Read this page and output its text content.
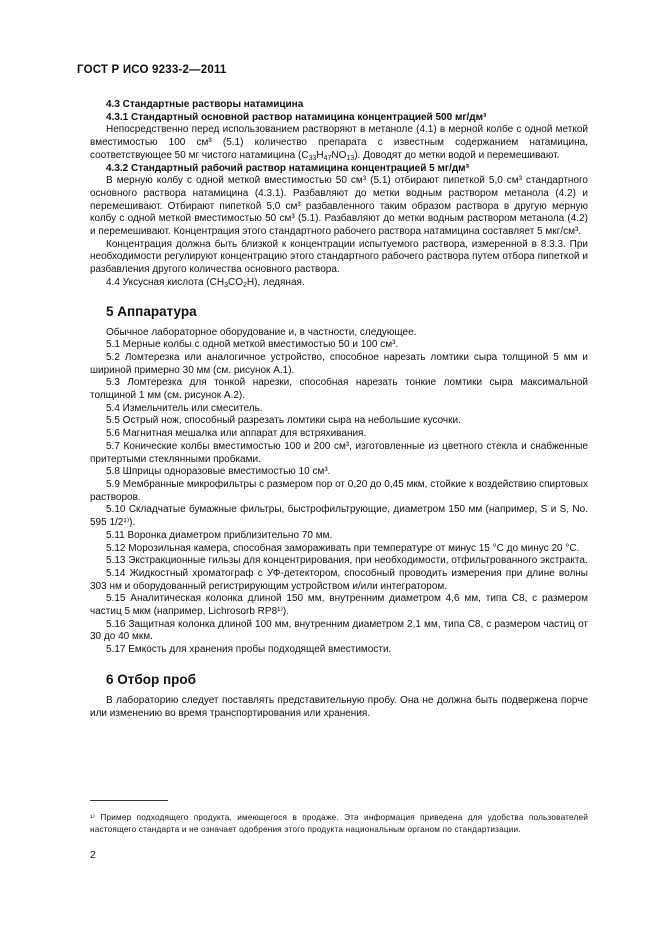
ГОСТ Р ИСО 9233-2—2011

4.3 Стандартные растворы натамицина

4.3.1 Стандартный основной раствор натамицина концентрацией 500 мг/дм³

Непосредственно перед использованием растворяют в метаноле (4.1) в мерной колбе с одной меткой вместимостью 100 см³ (5.1) количество препарата с известным содержанием натамицина, соответствующее 50 мг чистого натамицина $(C_{33}H_{47}NO_{13})$. Доводят до метки водой и перемешивают.

4.3.2 Стандартный рабочий раствор натамицина концентрацией 5 мг/дм³

В мерную колбу с одной меткой вместимостью 50 см³ (5.1) отбирают пипеткой 5,0 см³ стандартного основного раствора натамицина (4.3.1). Разбавляют до метки водным раствором метанола (4.2) и перемешивают. Отбирают пипеткой 5,0 см³ разбавленного таким образом раствора в другую мерную колбу с одной меткой вместимостью 50 см³ (5.1). Разбавляют до метки водным раствором метанола (4.2) и перемешивают. Концентрация этого стандартного рабочего раствора натамицина составляет 5 мкг/см³.

Концентрация должна быть близкой к концентрации испытуемого раствора, измеренной в 8.3.3. При необходимости регулируют концентрацию этого стандартного рабочего раствора путем отбора пипеткой и разбавления другого количества основного раствора.

4.4 Уксусная кислота $(CH_3CO_2H)$, ледяная.

5 Аппаратура

Обычное лабораторное оборудование и, в частности, следующее.

5.1 Мерные колбы с одной меткой вместимостью 50 и 100 см³.

5.2 Ломтерезка или аналогичное устройство, способное нарезать ломтики сыра толщиной 5 мм и шириной примерно 30 мм (см. рисунок А.1).

5.3 Ломтерезка для тонкой нарезки, способная нарезать тонкие ломтики сыра максимальной толщиной 1 мм (см. рисунок А.2).

5.4 Измельчитель или смеситель.

5.5 Острый нож, способный разрезать ломтики сыра на небольшие кусочки.

5.6 Магнитная мешалка или аппарат для встряхивания.

5.7 Конические колбы вместимостью 100 и 200 см³, изготовленные из цветного стекла и снабженные притертыми стеклянными пробками.

5.8 Шприцы одноразовые вместимостью 10 см³.

5.9 Мембранные микрофильтры с размером пор от 0,20 до 0,45 мкм, стойкие к воздействию спиртовых растворов.

5.10 Складчатые бумажные фильтры, быстрофильтрующие, диаметром 150 мм (например, S и S, No. 595 1/2¹⁾).

5.11 Воронка диаметром приблизительно 70 мм.

5.12 Морозильная камера, способная замораживать при температуре от минус 15 °С до минус 20 °С.

5.13 Экстракционные гильзы для концентрирования, при необходимости, отфильтрованного экстракта.

5.14 Жидкостный хроматограф с УФ-детектором, способный проводить измерения при длине волны 303 нм и оборудованный регистрирующим устройством и/или интегратором.

5.15 Аналитическая колонка длиной 150 мм, внутренним диаметром 4,6 мм, типа С8, с размером частиц 5 мкм (например, Lichrosorb RP8¹⁾).

5.16 Защитная колонка длиной 100 мм, внутренним диаметром 2,1 мм, типа С8, с размером частиц от 30 до 40 мкм.

5.17 Емкость для хранения пробы подходящей вместимости.

6 Отбор проб

В лабораторию следует поставлять представительную пробу. Она не должна быть подвержена порче или изменению во время транспортирования или хранения.

¹⁾ Пример подходящего продукта, имеющегося в продаже. Эта информация приведена для удобства пользователей настоящего стандарта и не означает одобрения этого продукта национальным органом по стандартизации.

2
